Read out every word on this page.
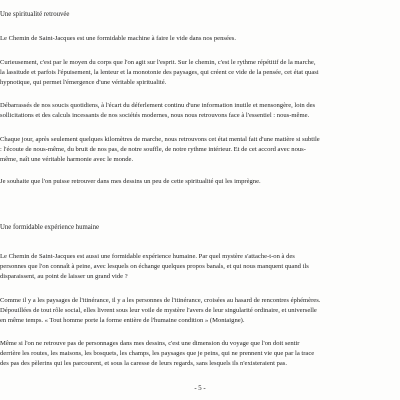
Une spiritualité retrouvée
Le Chemin de Saint-Jacques est une formidable machine à faire le vide dans nos pensées.
Curieusement, c'est par le moyen du corps que l'on agit sur l'esprit. Sur le chemin, c'est le rythme répétitif de la marche,
la lassitude et parfois l'épuisement, la lenteur et la monotonie des paysages, qui créent ce vide de la pensée, cet état quasi
hypnotique, qui permet l'émergence d'une véritable spiritualité.
Débarrassés de nos soucis quotidiens, à l'écart du déferlement continu d'une information inutile et mensongère, loin des
sollicitations et des calculs incessants de nos sociétés modernes, nous nous retrouvons face à l'essentiel : nous-même.
Chaque jour, après seulement quelques kilomètres de marche, nous retrouvons cet état mental fait d'une matière si subtile
: l'écoute de nous-même, du bruit de nos pas, de notre souffle, de notre rythme intérieur. Et de cet accord avec nous-
même, naît une véritable harmonie avec le monde.
Je souhaite que l'on puisse retrouver dans mes dessins un peu de cette spiritualité qui les imprègne.
Une formidable expérience humaine
Le Chemin de Saint-Jacques est aussi une formidable expérience humaine. Par quel mystère s'attache-t-on à des
personnes que l'on connaît à peine, avec lesquels on échange quelques propos banals, et qui nous manquent quand ils
disparaissent, au point de laisser un grand vide ?
Comme il y a les paysages de l'itinérance, il y a les personnes de l'itinérance, croisées au hasard de rencontres éphémères.
Dépouillées de tout rôle social, elles livrent sous leur voile de mystère l'avers de leur singularité ordinaire, et universelle
en même temps. « Tout homme porte la forme entière de l'humaine condition » (Montaigne).
Même si l'on ne retrouve pas de personnages dans mes dessins, c'est une dimension du voyage que l'on doit sentir
derrière les routes, les maisons, les bosquets, les champs, les paysages que je peins, qui ne prennent vie que par la trace
des pas des pèlerins qui les parcourent, et sous la caresse de leurs regards, sans lesquels ils n'existeraient pas.
- 5 -
